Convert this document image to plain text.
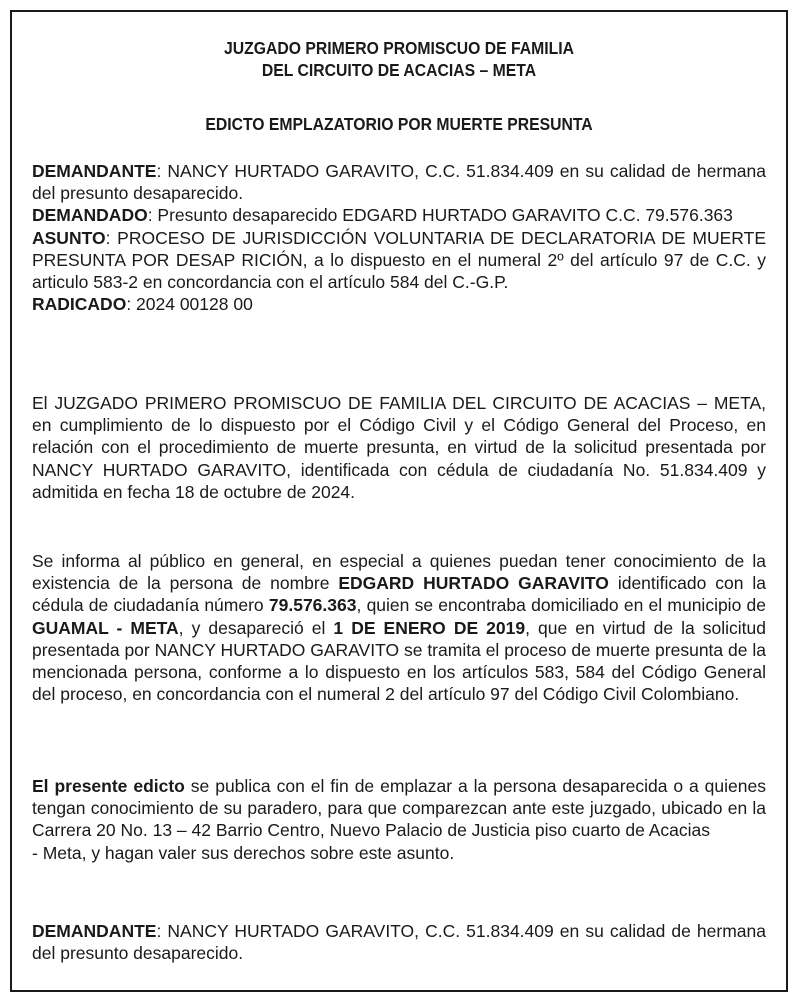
JUZGADO PRIMERO PROMISCUO DE FAMILIA
DEL CIRCUITO DE ACACIAS – META
EDICTO EMPLAZATORIO POR MUERTE PRESUNTA

DEMANDANTE: NANCY HURTADO GARAVITO, C.C. 51.834.409 en su calidad de hermana del presunto desaparecido.

DEMANDADO: Presunto desaparecido EDGARD HURTADO GARAVITO C.C. 79.576.363

ASUNTO: PROCESO DE JURISDICCIÓN VOLUNTARIA DE DECLARATORIA DE MUERTE PRESUNTA POR DESAP RICIÓN, a lo dispuesto en el numeral 2º del artículo 97 de C.C. y articulo 583-2 en concordancia con el artículo 584 del C.-G.P.

RADICADO: 2024 00128 00

El JUZGADO PRIMERO PROMISCUO DE FAMILIA DEL CIRCUITO DE ACACIAS – META, en cumplimiento de lo dispuesto por el Código Civil y el Código General del Proceso, en relación con el procedimiento de muerte presunta, en virtud de la solicitud presentada por NANCY HURTADO GARAVITO, identificada con cédula de ciudadanía No. 51.834.409 y admitida en fecha 18 de octubre de 2024.

Se informa al público en general, en especial a quienes puedan tener conocimiento de la existencia de la persona de nombre EDGARD HURTADO GARAVITO identificado con la cédula de ciudadanía número 79.576.363, quien se encontraba domiciliado en el municipio de GUAMAL - META, y desapareció el 1 DE ENERO DE 2019, que en virtud de la solicitud presentada por NANCY HURTADO GARAVITO se tramita el proceso de muerte presunta de la mencionada persona, conforme a lo dispuesto en los artículos 583, 584 del Código General del proceso, en concordancia con el numeral 2 del artículo 97 del Código Civil Colombiano.

El presente edicto se publica con el fin de emplazar a la persona desaparecida o a quienes tengan conocimiento de su paradero, para que comparezcan ante este juzgado, ubicado en la Carrera 20 No. 13 – 42 Barrio Centro, Nuevo Palacio de Justicia piso cuarto de Acacias

- Meta, y hagan valer sus derechos sobre este asunto.

DEMANDANTE: NANCY HURTADO GARAVITO, C.C. 51.834.409 en su calidad de hermana del presunto desaparecido.
